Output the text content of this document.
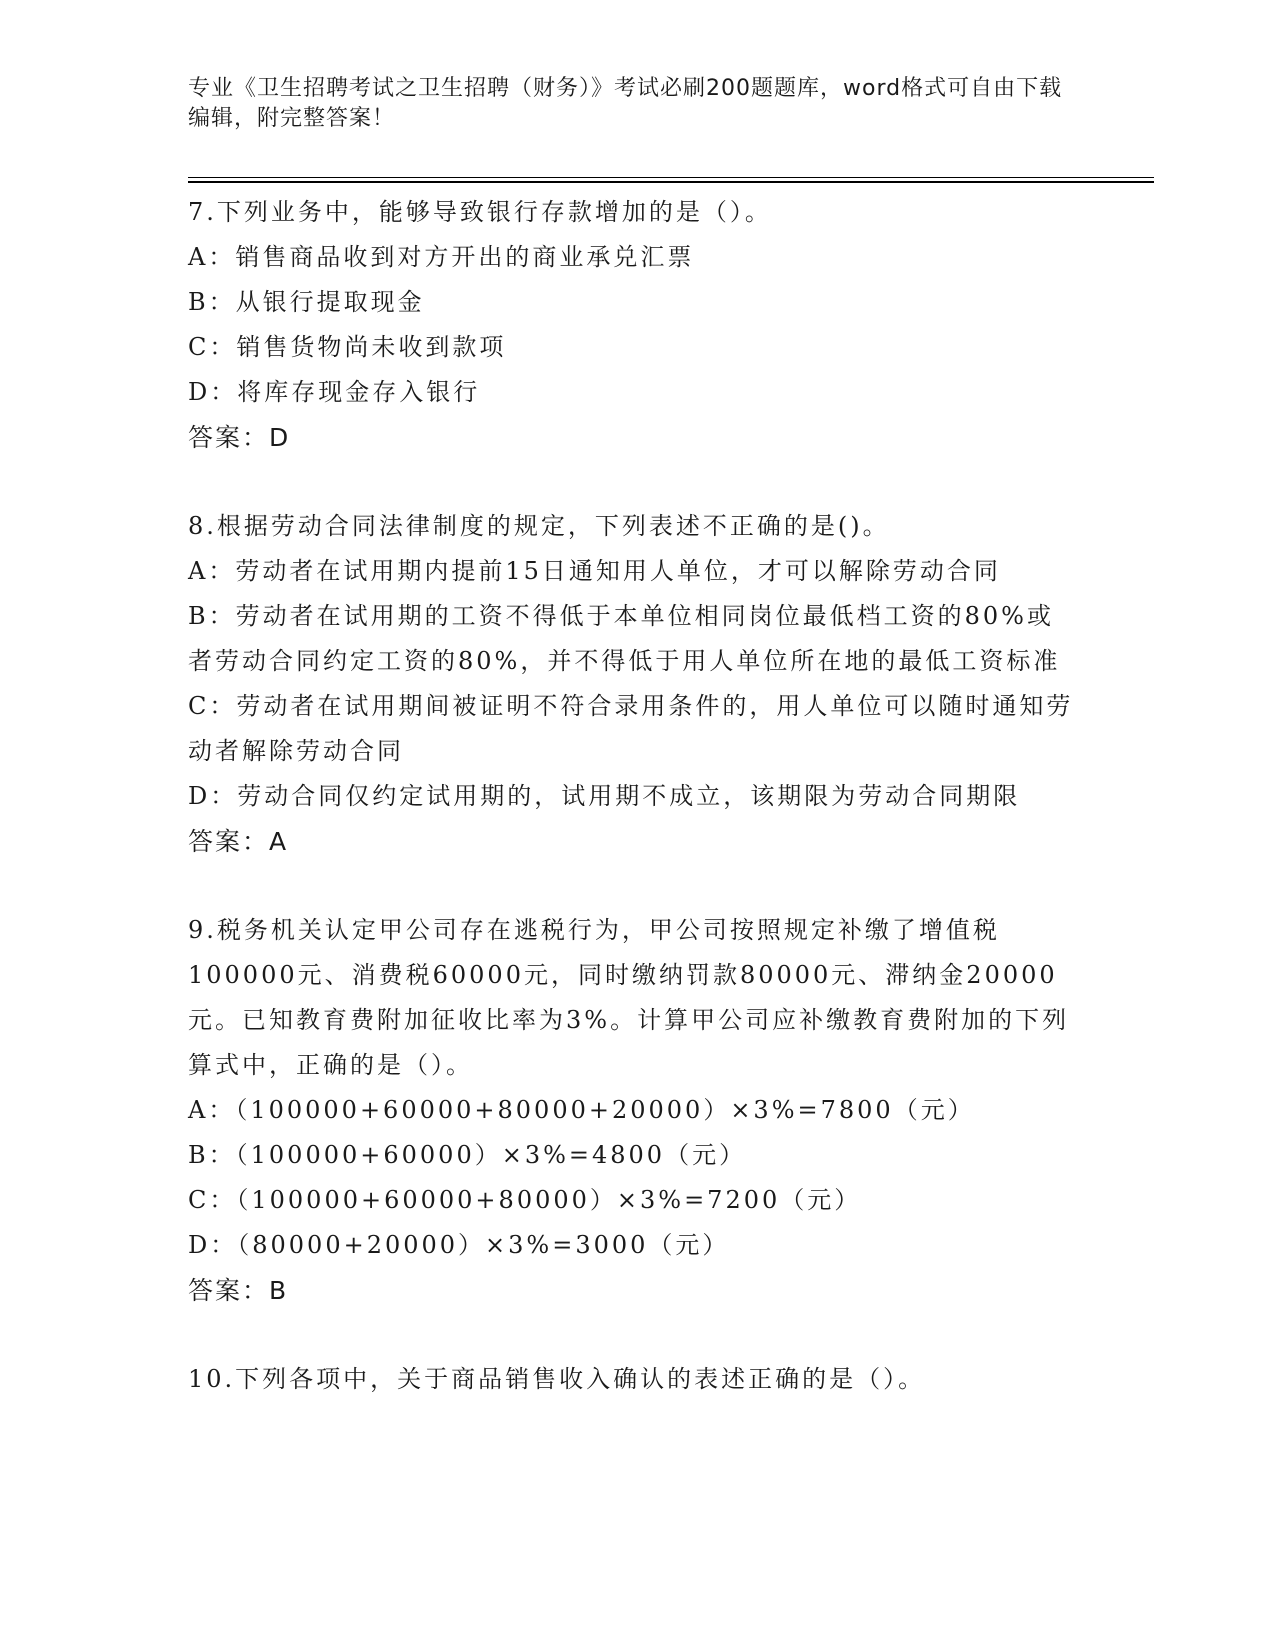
专业《卫生招聘考试之卫生招聘（财务）》考试必刷200题题库，word格式可自由下载编辑，附完整答案！
7.下列业务中，能够导致银行存款增加的是（）。
A：销售商品收到对方开出的商业承兑汇票
B：从银行提取现金
C：销售货物尚未收到款项
D：将库存现金存入银行
答案：D
8.根据劳动合同法律制度的规定，下列表述不正确的是()。
A：劳动者在试用期内提前15日通知用人单位，才可以解除劳动合同
B：劳动者在试用期的工资不得低于本单位相同岗位最低档工资的80%或者劳动合同约定工资的80%，并不得低于用人单位所在地的最低工资标准
C：劳动者在试用期间被证明不符合录用条件的，用人单位可以随时通知劳动者解除劳动合同
D：劳动合同仅约定试用期的，试用期不成立，该期限为劳动合同期限
答案：A
9.税务机关认定甲公司存在逃税行为，甲公司按照规定补缴了增值税100000元、消费税60000元，同时缴纳罚款80000元、滞纳金20000元。已知教育费附加征收比率为3%。计算甲公司应补缴教育费附加的下列算式中，正确的是（）。
A：（100000+60000+80000+20000）×3%=7800（元）
B：（100000+60000）×3%=4800（元）
C：（100000+60000+80000）×3%=7200（元）
D：（80000+20000）×3%=3000（元）
答案：B
10.下列各项中，关于商品销售收入确认的表述正确的是（）。
